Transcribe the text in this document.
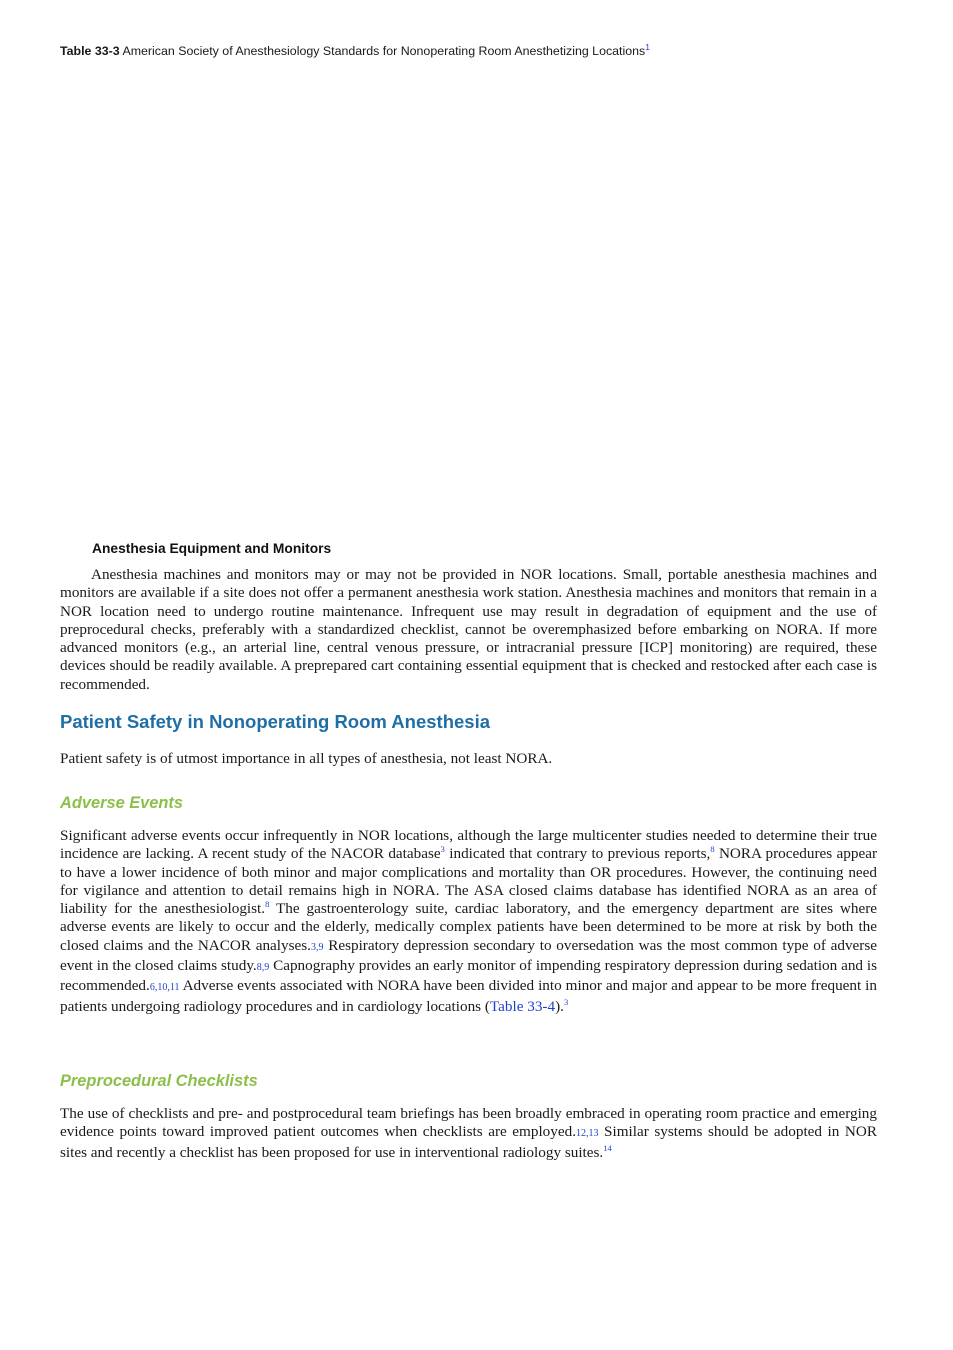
Table 33-3 American Society of Anesthesiology Standards for Nonoperating Room Anesthetizing Locations$^1$
Anesthesia Equipment and Monitors

Anesthesia machines and monitors may or may not be provided in NOR locations. Small, portable anesthesia machines and monitors are available if a site does not offer a permanent anesthesia work station. Anesthesia machines and monitors that remain in a NOR location need to undergo routine maintenance. Infrequent use may result in degradation of equipment and the use of preprocedural checks, preferably with a standardized checklist, cannot be overemphasized before embarking on NORA. If more advanced monitors (e.g., an arterial line, central venous pressure, or intracranial pressure [ICP] monitoring) are required, these devices should be readily available. A preprepared cart containing essential equipment that is checked and restocked after each case is recommended.

Patient Safety in Nonoperating Room Anesthesia

Patient safety is of utmost importance in all types of anesthesia, not least NORA.

Adverse Events

Significant adverse events occur infrequently in NOR locations, although the large multicenter studies needed to determine their true incidence are lacking. A recent study of the NACOR database$^3$ indicated that contrary to previous reports,$^8$ NORA procedures appear to have a lower incidence of both minor and major complications and mortality than OR procedures. However, the continuing need for vigilance and attention to detail remains high in NORA. The ASA closed claims database has identified NORA as an area of liability for the anesthesiologist.$^8$ The gastroenterology suite, cardiac laboratory, and the emergency department are sites where adverse events are likely to occur and the elderly, medically complex patients have been determined to be more at risk by both the closed claims and the NACOR analyses.3,9 Respiratory depression secondary to oversedation was the most common type of adverse event in the closed claims study.8,9 Capnography provides an early monitor of impending respiratory depression during sedation and is recommended.6,10,11 Adverse events associated with NORA have been divided into minor and major and appear to be more frequent in patients undergoing radiology procedures and in cardiology locations (Table 33-4).$^3$

Preprocedural Checklists

The use of checklists and pre- and postprocedural team briefings has been broadly embraced in operating room practice and emerging evidence points toward improved patient outcomes when checklists are employed.12,13 Similar systems should be adopted in NOR sites and recently a checklist has been proposed for use in interventional radiology suites.$^{14}$
